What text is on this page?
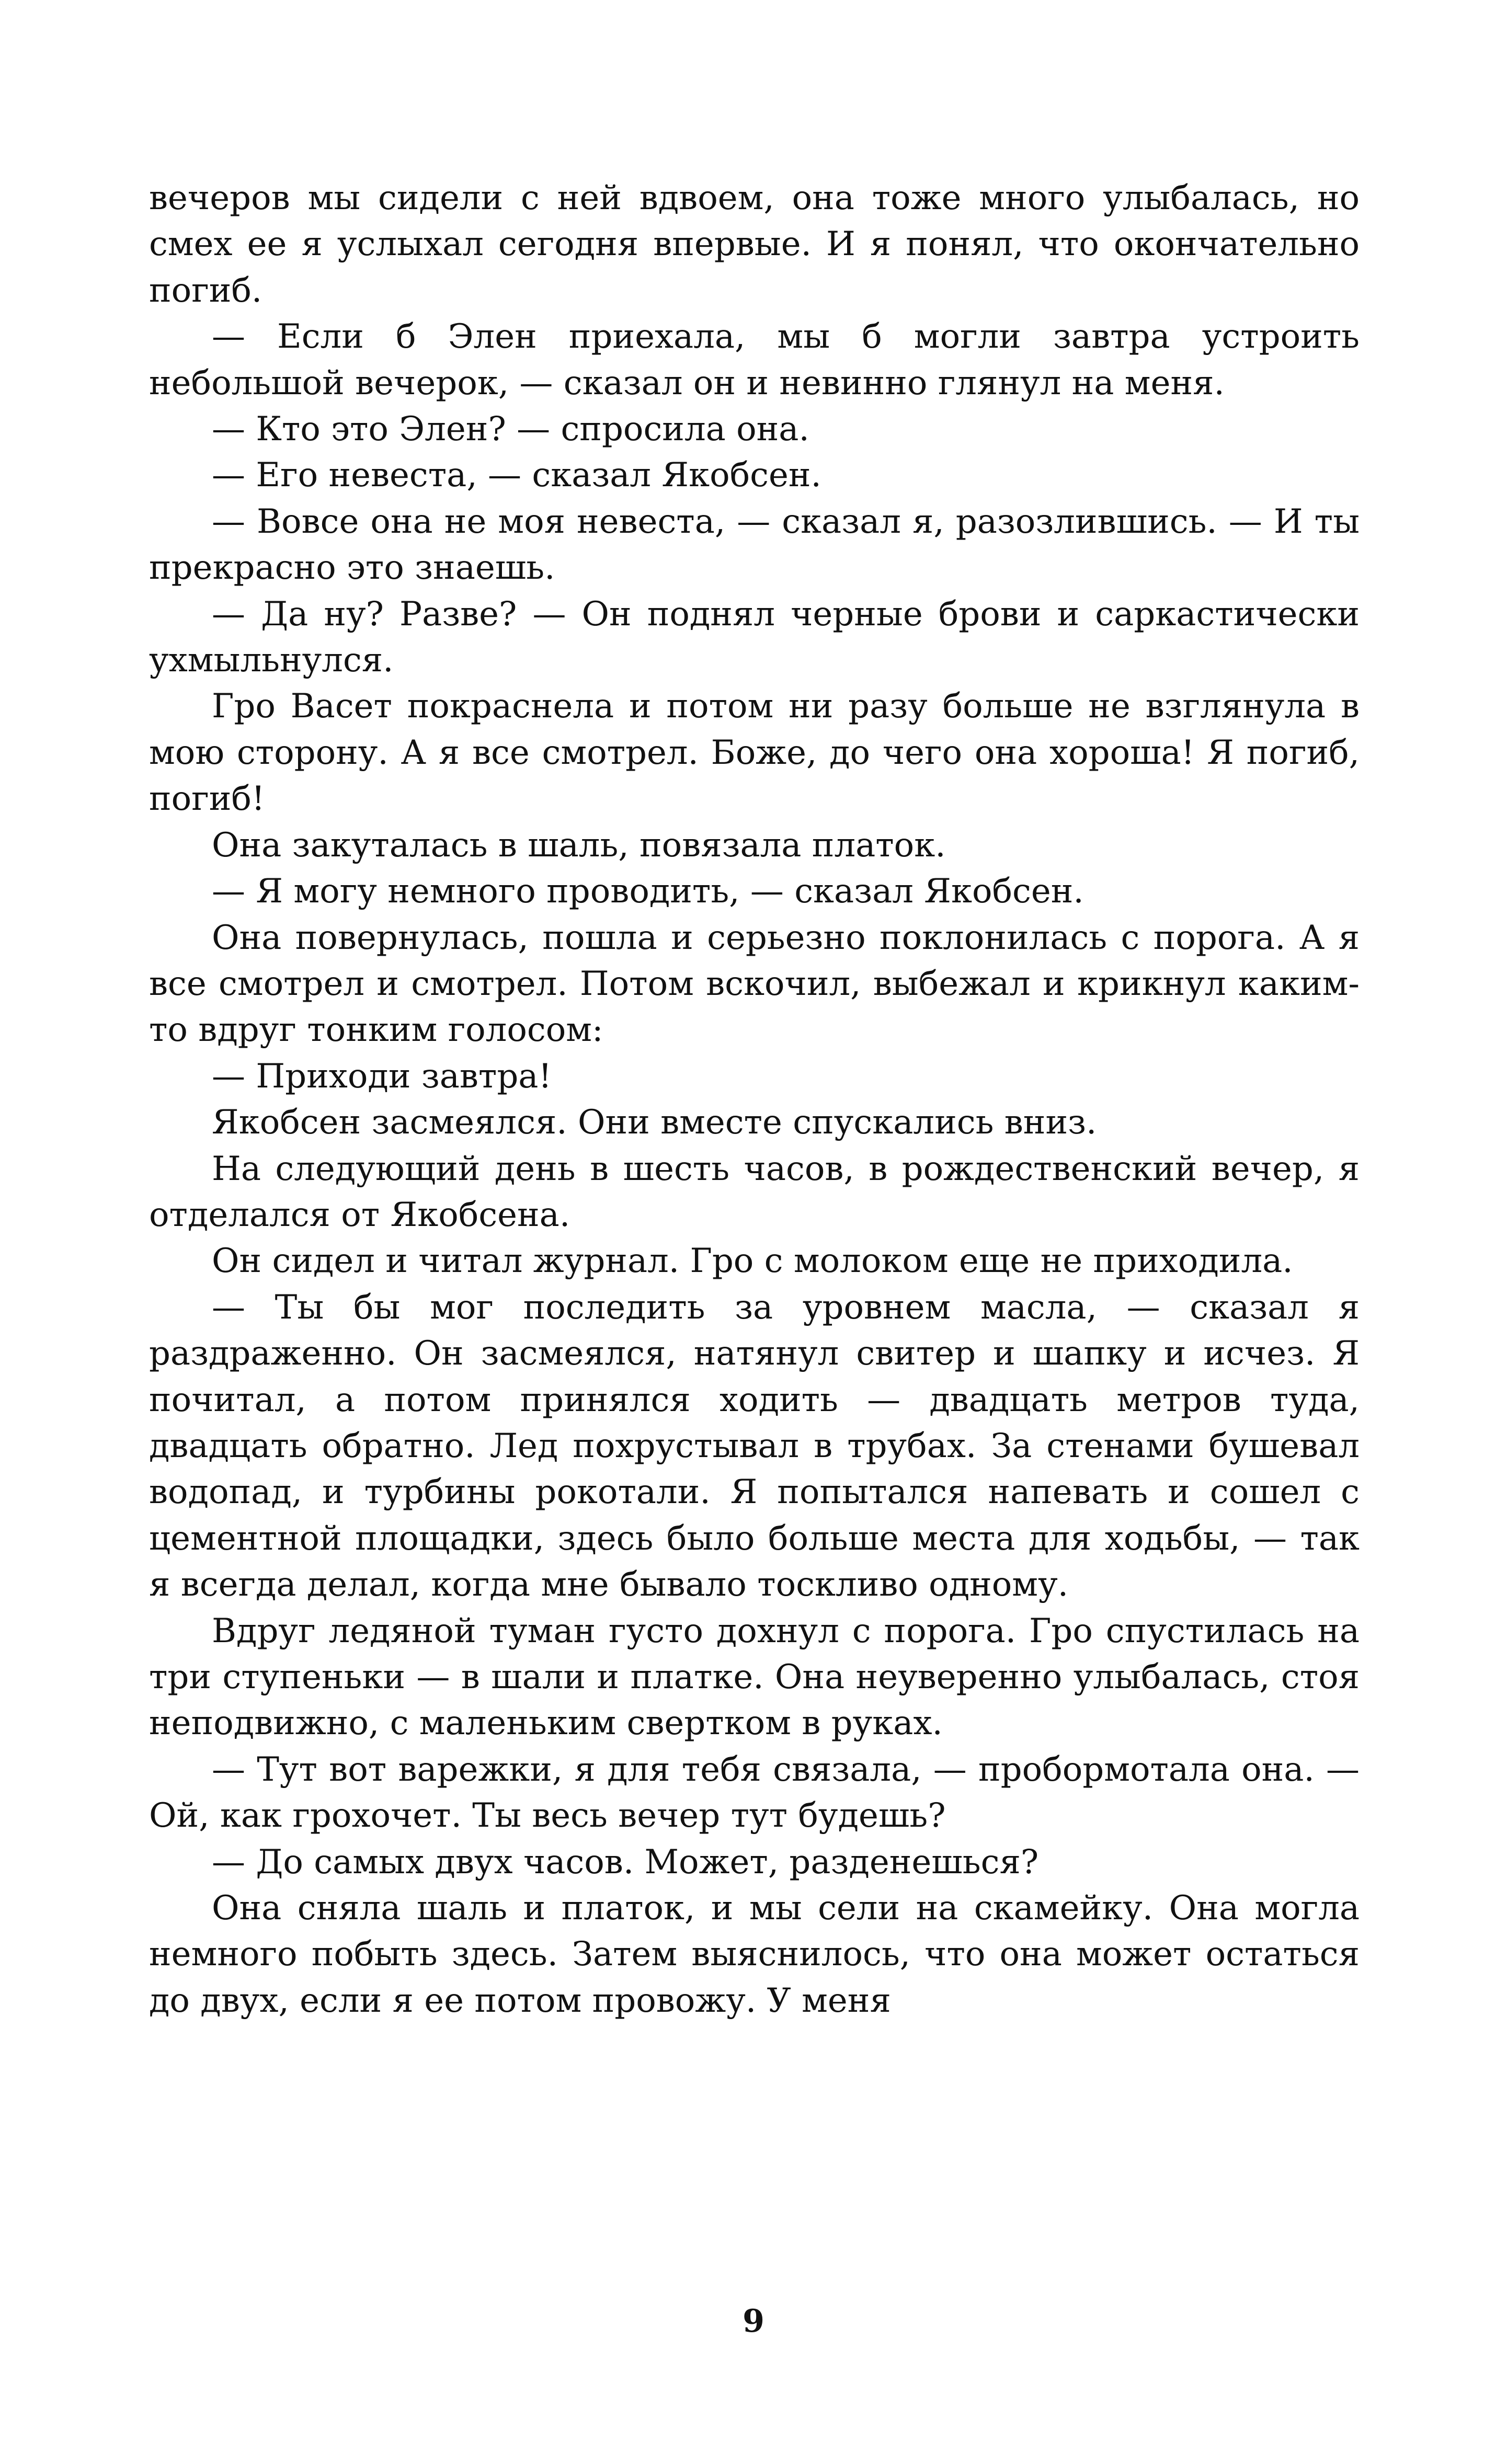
вечеров мы сидели с ней вдвоем, она тоже много улыбалась, но смех ее я услыхал сегодня впервые. И я понял, что окончательно погиб.

— Если б Элен приехала, мы б могли завтра устроить небольшой вечерок, — сказал он и невинно глянул на меня.

— Кто это Элен? — спросила она.

— Его невеста, — сказал Якобсен.

— Вовсе она не моя невеста, — сказал я, разозлившись. — И ты прекрасно это знаешь.

— Да ну? Разве? — Он поднял черные брови и саркастически ухмыльнулся.

Гро Васет покраснела и потом ни разу больше не взглянула в мою сторону. А я все смотрел. Боже, до чего она хороша! Я погиб, погиб!

Она закуталась в шаль, повязала платок.

— Я могу немного проводить, — сказал Якобсен.

Она повернулась, пошла и серьезно поклонилась с порога. А я все смотрел и смотрел. Потом вскочил, выбежал и крикнул каким-то вдруг тонким голосом:

— Приходи завтра!

Якобсен засмеялся. Они вместе спускались вниз.

На следующий день в шесть часов, в рождественский вечер, я отделался от Якобсена.

Он сидел и читал журнал. Гро с молоком еще не приходила.

— Ты бы мог последить за уровнем масла, — сказал я раздраженно. Он засмеялся, натянул свитер и шапку и исчез. Я почитал, а потом принялся ходить — двадцать метров туда, двадцать обратно. Лед похрустывал в трубах. За стенами бушевал водопад, и турбины рокотали. Я попытался напевать и сошел с цементной площадки, здесь было больше места для ходьбы, — так я всегда делал, когда мне бывало тоскливо одному.

Вдруг ледяной туман густо дохнул с порога. Гро спустилась на три ступеньки — в шали и платке. Она неуверенно улыбалась, стоя неподвижно, с маленьким свертком в руках.

— Тут вот варежки, я для тебя связала, — пробормотала она. — Ой, как грохочет. Ты весь вечер тут будешь?

— До самых двух часов. Может, разденешься?

Она сняла шаль и платок, и мы сели на скамейку. Она могла немного побыть здесь. Затем выяснилось, что она может остаться до двух, если я ее потом провожу. У меня

9
